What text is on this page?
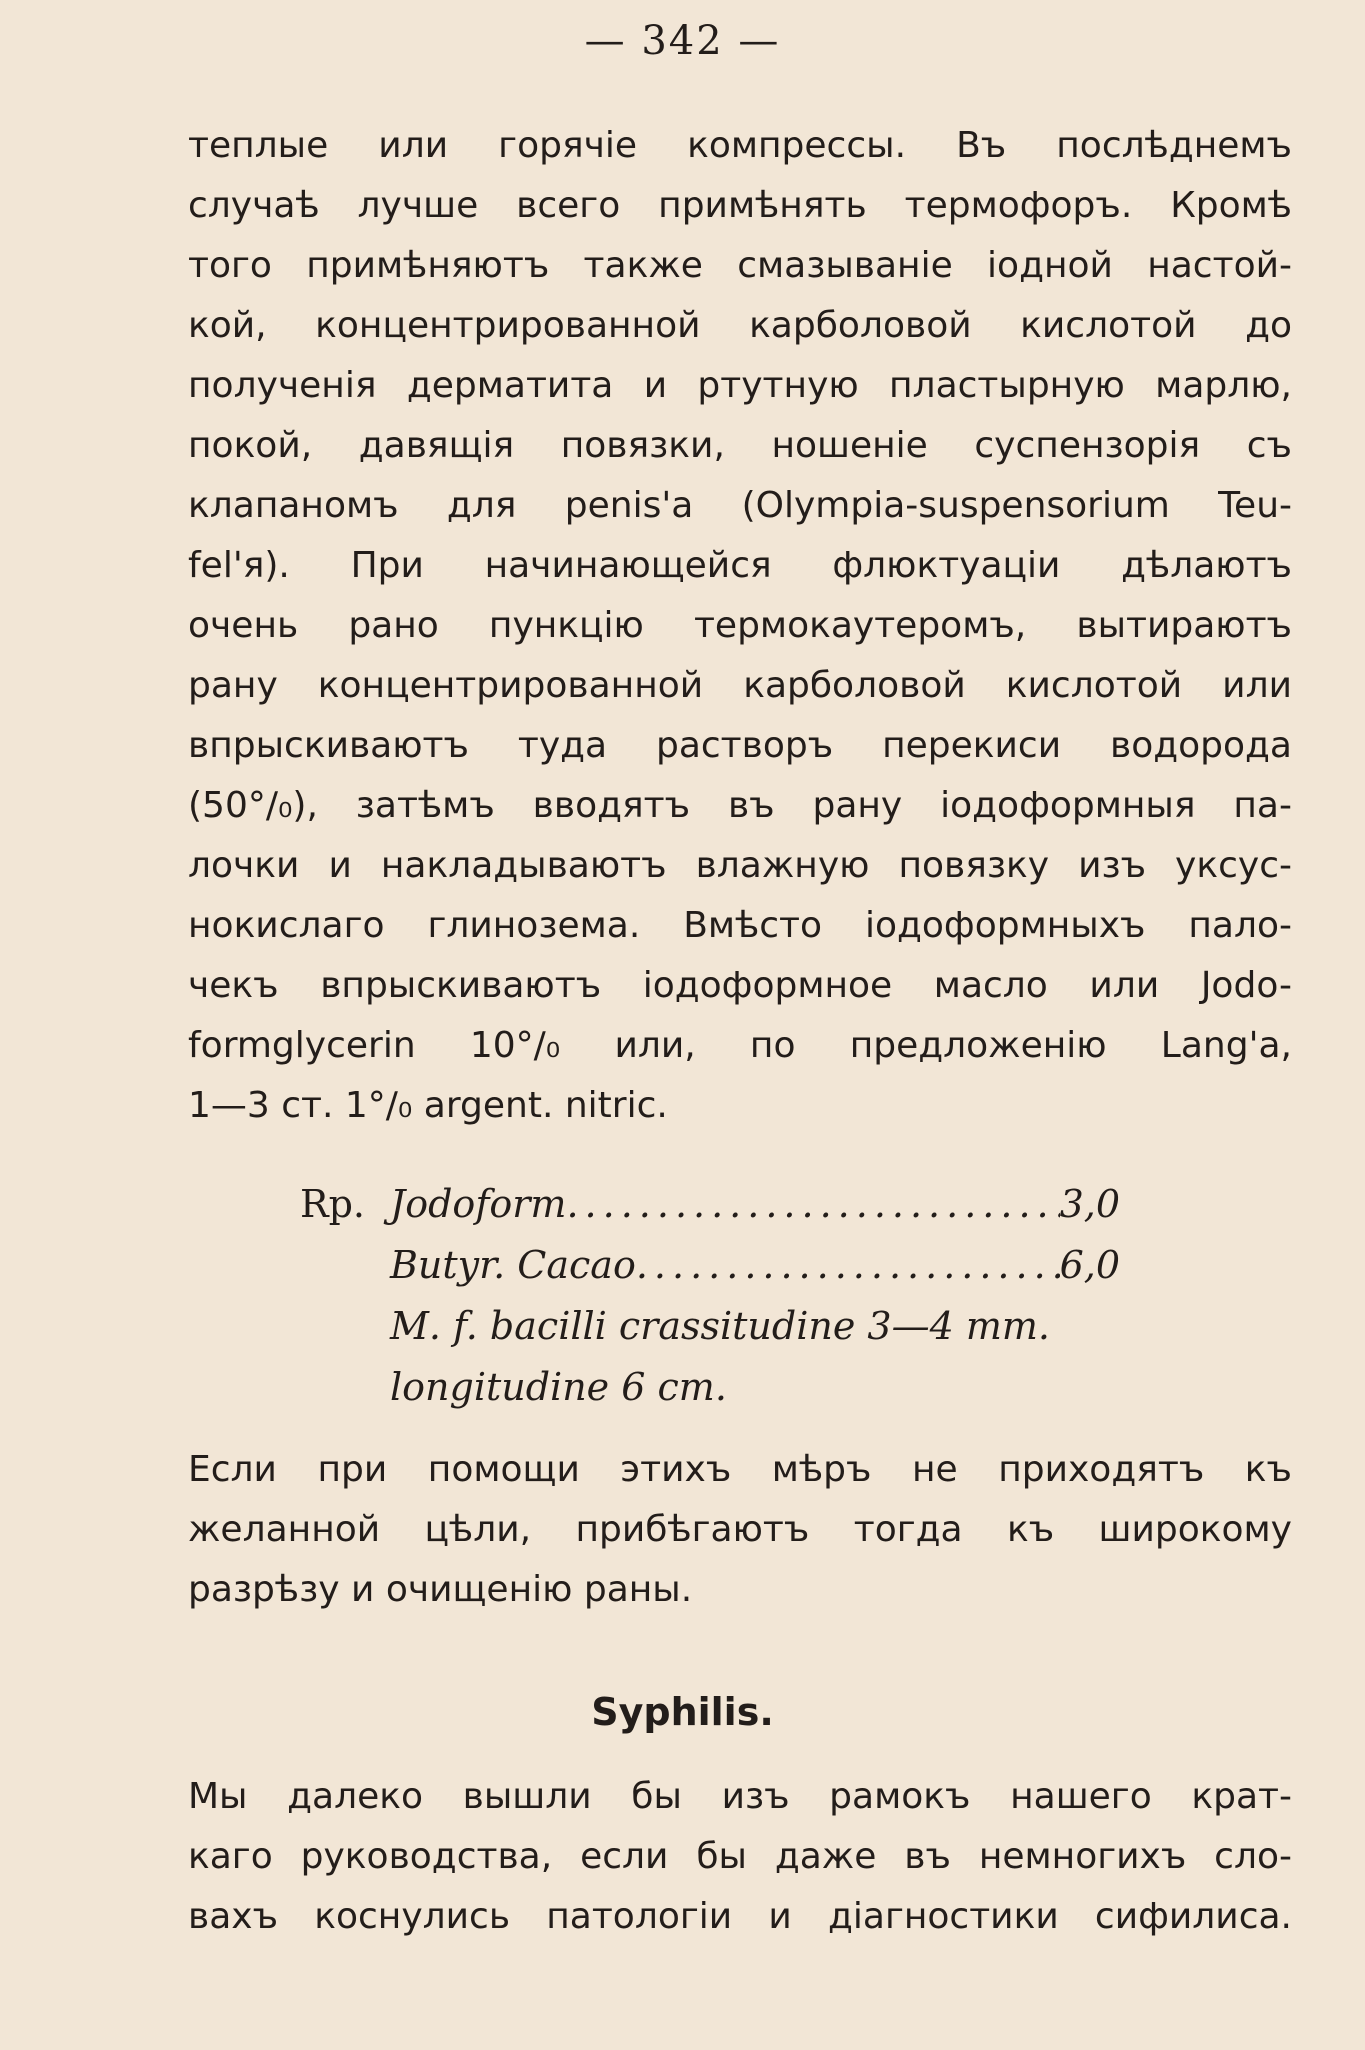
— 342 —
теплые или горячіе компрессы. Въ послѣднемъ
случаѣ лучше всего примѣнять термофоръ. Кромѣ
того примѣняютъ также смазываніе іодной настой-
кой, концентрированной карболовой кислотой до
полученія дерматита и ртутную пластырную марлю,
покой, давящія повязки, ношеніе суспензорія съ
клапаномъ для penis'a (Olympia-suspensorium Teu-
fel'я). При начинающейся флюктуаціи дѣлаютъ
очень рано пункцію термокаутеромъ, вытираютъ
рану концентрированной карболовой кислотой или
впрыскиваютъ туда растворъ перекиси водорода
(50°/₀), затѣмъ вводятъ въ рану іодоформныя па-
лочки и накладываютъ влажную повязку изъ уксус-
нокислаго глинозема. Вмѣсто іодоформныхъ пало-
чекъ впрыскиваютъ іодоформное масло или Jodo-
formglycerin 10°/₀ или, по предложенію Lang'a,
1—3 ст. 1°/₀ argent. nitric.
Rp. Jodoform .....	3,0
Butyr. Cacao .....	6,0
M. f. bacilli crassitudine 3—4 mm.
longitudine 6 cm.
Если при помощи этихъ мѣръ не приходятъ къ
желанной цѣли, прибѣгаютъ тогда къ широкому
разрѣзу и очищенію раны.
Syphilis.
Мы далеко вышли бы изъ рамокъ нашего крат-
каго руководства, если бы даже въ немногихъ сло-
вахъ коснулись патологіи и діагностики сифилиса.
